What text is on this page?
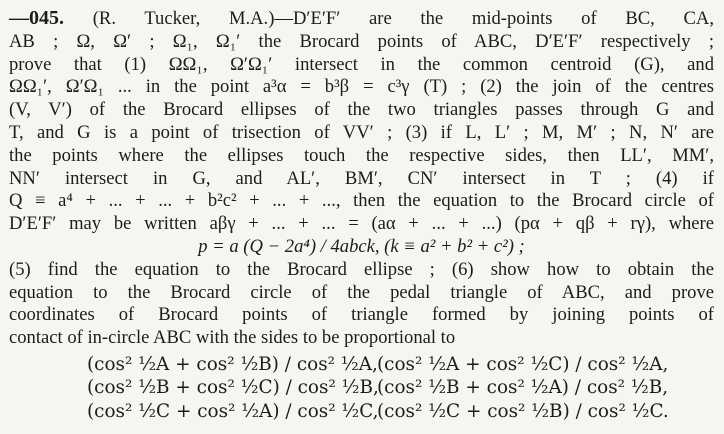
—045. (R. Tucker, M.A.)—D′E′F′ are the mid-points of BC, CA,
AB ; Ω, Ω′ ; Ω₁, Ω₁′ the Brocard points of ABC, D′E′F′ respectively ;
prove that (1) ΩΩ₁, Ω′Ω₁′ intersect in the common centroid (G), and
ΩΩ₁′, Ω′Ω₁ ... in the point a³α = b³β = c³γ (T) ; (2) the join of the centres
(V, V′) of the Brocard ellipses of the two triangles passes through G and
T, and G is a point of trisection of VV′ ; (3) if L, L′ ; M, M′ ; N, N′ are
the points where the ellipses touch the respective sides, then LL′, MM′,
NN′ intersect in G, and AL′, BM′, CN′ intersect in T ; (4) if
Q ≡ a⁴ + ... + ... + b²c² + ... + ..., then the equation to the Brocard circle of
D′E′F′ may be written aβγ + ... + ... = (aα + ... + ...) (pα + qβ + rγ), where
p = a (Q − 2a⁴) / 4abck, (k ≡ a² + b² + c²) ;
(5) find the equation to the Brocard ellipse ; (6) show how to obtain the
equation to the Brocard circle of the pedal triangle of ABC, and prove
coordinates of Brocard points of triangle formed by joining points of
contact of in-circle ABC with the sides to be proportional to
(cos² ½A + cos² ½B) / cos² ½A, (cos² ½A + cos² ½C) / cos² ½A,
(cos² ½B + cos² ½C) / cos² ½B,
(cos² ½B + cos² ½A) / cos² ½B,
(cos² ½C + cos² ½A) / cos² ½C,
(cos² ½C + cos² ½B) / cos² ½C.
